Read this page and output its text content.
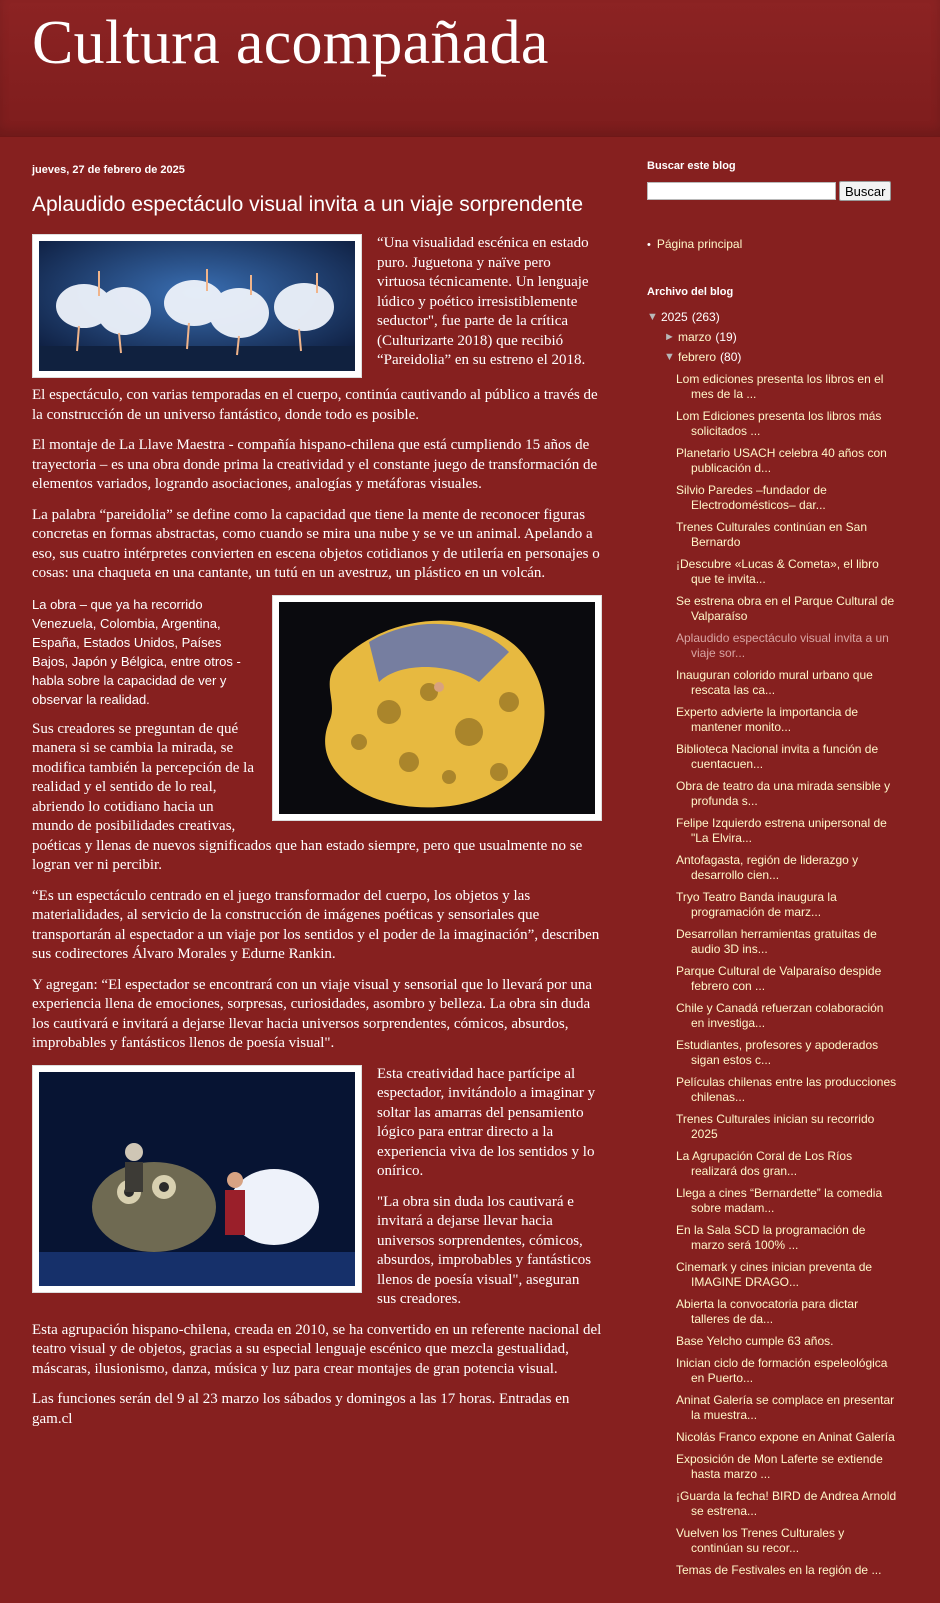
Cultura acompañada
jueves, 27 de febrero de 2025
Aplaudido espectáculo visual invita a un viaje sorprendente

“Una visualidad escénica en estado puro. Juguetona y naïve pero virtuosa técnicamente. Un lenguaje lúdico y poético irresistiblemente seductor", fue parte de la crítica (Culturizarte 2018) que recibió “Pareidolia” en su estreno el 2018.

El espectáculo, con varias temporadas en el cuerpo, continúa cautivando al público a través de la construcción de un universo fantástico, donde todo es posible.

El montaje de La Llave Maestra - compañía hispano-chilena que está cumpliendo 15 años de trayectoria – es una obra donde prima la creatividad y el constante juego de transformación de elementos variados, logrando asociaciones, analogías y metáforas visuales.

La palabra “pareidolia” se define como la capacidad que tiene la mente de reconocer figuras concretas en formas abstractas, como cuando se mira una nube y se ve un animal. Apelando a eso, sus cuatro intérpretes convierten en escena objetos cotidianos y de utilería en personajes o cosas: una chaqueta en una cantante, un tutú en un avestruz, un plástico en un volcán.

La obra – que ya ha recorrido Venezuela, Colombia, Argentina, España, Estados Unidos, Países Bajos, Japón y Bélgica, entre otros - habla sobre la capacidad de ver y observar la realidad.

Sus creadores se preguntan de qué manera si se cambia la mirada, se modifica también la percepción de la realidad y el sentido de lo real, abriendo lo cotidiano hacia un mundo de posibilidades creativas, poéticas y llenas de nuevos significados que han estado siempre, pero que usualmente no se logran ver ni percibir.

“Es un espectáculo centrado en el juego transformador del cuerpo, los objetos y las materialidades, al servicio de la construcción de imágenes poéticas y sensoriales que transportarán al espectador a un viaje por los sentidos y el poder de la imaginación”, describen sus codirectores Álvaro Morales y Edurne Rankin.

Y agregan: “El espectador se encontrará con un viaje visual y sensorial que lo llevará por una experiencia llena de emociones, sorpresas, curiosidades, asombro y belleza. La obra sin duda los cautivará e invitará a dejarse llevar hacia universos sorprendentes, cómicos, absurdos, improbables y fantásticos llenos de poesía visual".

Esta creatividad hace partícipe al espectador, invitándolo a imaginar y soltar las amarras del pensamiento lógico para entrar directo a la experiencia viva de los sentidos y lo onírico.

"La obra sin duda los cautivará e invitará a dejarse llevar hacia universos sorprendentes, cómicos, absurdos, improbables y fantásticos llenos de poesía visual", aseguran sus creadores.

Esta agrupación hispano-chilena, creada en 2010, se ha convertido en un referente nacional del teatro visual y de objetos, gracias a su especial lenguaje escénico que mezcla gestualidad, máscaras, ilusionismo, danza, música y luz para crear montajes de gran potencia visual.

Las funciones serán del 9 al 23 marzo los sábados y domingos a las 17 horas. Entradas en gam.cl

Buscar este blog
Buscar
• Página principal
Archivo del blog
▼ 2025 (263)
► marzo (19)
▼ febrero (80)
Lom ediciones presenta los libros en el mes de la ...
Lom Ediciones presenta los libros más solicitados ...
Planetario USACH celebra 40 años con publicación d...
Silvio Paredes –fundador de Electrodomésticos– dar...
Trenes Culturales continúan en San Bernardo
¡Descubre «Lucas & Cometa», el libro que te invita...
Se estrena obra en el Parque Cultural de Valparaíso
Aplaudido espectáculo visual invita a un viaje sor...
Inauguran colorido mural urbano que rescata las ca...
Experto advierte la importancia de mantener monito...
Biblioteca Nacional invita a función de cuentacuen...
Obra de teatro da una mirada sensible y profunda s...
Felipe Izquierdo estrena unipersonal de "La Elvira...
Antofagasta, región de liderazgo y desarrollo cien...
Tryo Teatro Banda inaugura la programación de marz...
Desarrollan herramientas gratuitas de audio 3D ins...
Parque Cultural de Valparaíso despide febrero con ...
Chile y Canadá refuerzan colaboración en investiga...
Estudiantes, profesores y apoderados sigan estos c...
Películas chilenas entre las producciones chilenas...
Trenes Culturales inician su recorrido 2025
La Agrupación Coral de Los Ríos realizará dos gran...
Llega a cines “Bernardette” la comedia sobre madam...
En la Sala SCD la programación de marzo será 100% ...
Cinemark y cines inician preventa de IMAGINE DRAGO...
Abierta la convocatoria para dictar talleres de da...
Base Yelcho cumple 63 años.
Inician ciclo de formación espeleológica en Puerto...
Aninat Galería se complace en presentar la muestra...
Nicolás Franco expone en Aninat Galería
Exposición de Mon Laferte se extiende hasta marzo ...
¡Guarda la fecha! BIRD de Andrea Arnold se estrena...
Vuelven los Trenes Culturales y continúan su recor...
Temas de Festivales en la región de ...
